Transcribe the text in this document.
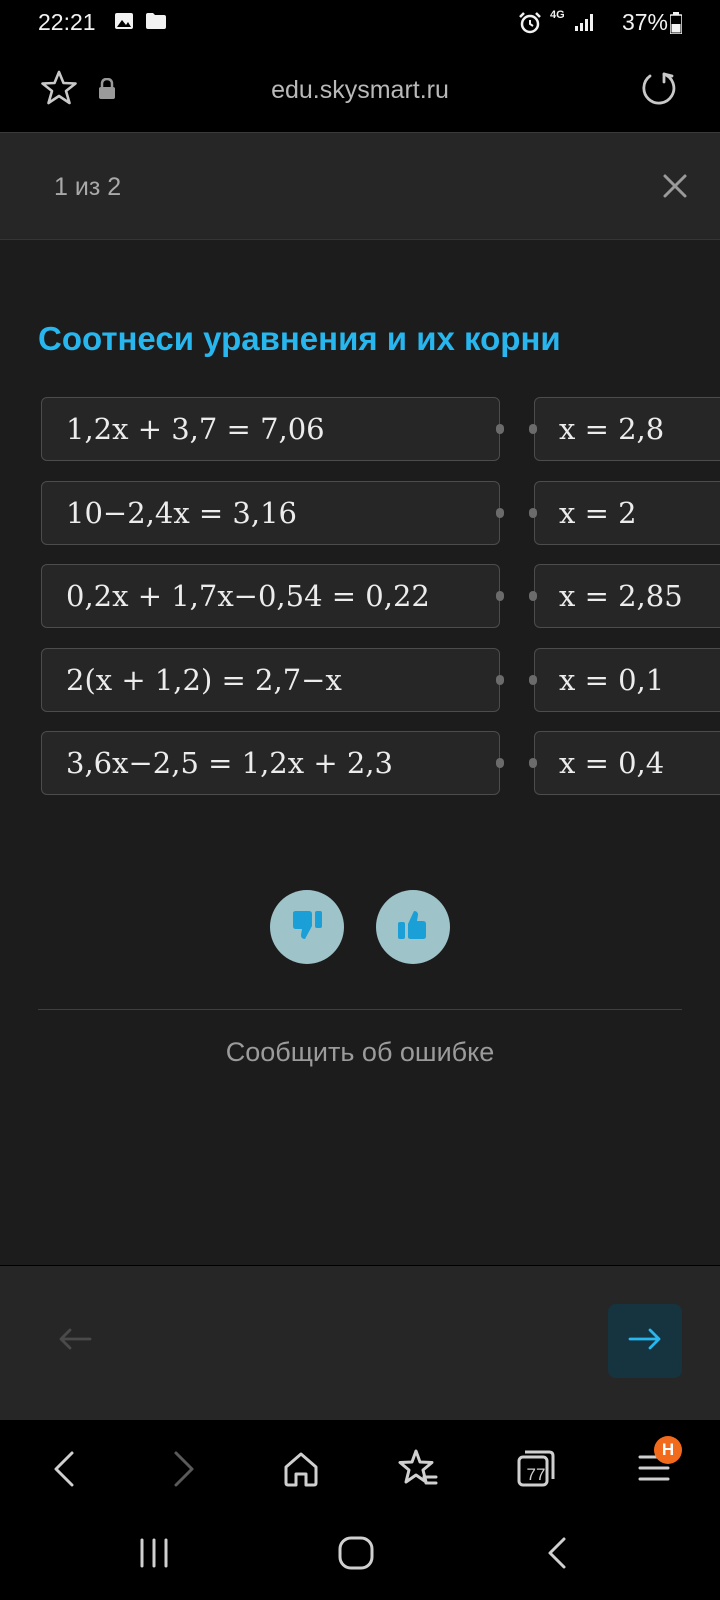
22:21	4G 37%
edu.skysmart.ru
1 из 2
Соотнеси уравнения и их корни
1,2x + 3,7 = 7,06
10−2,4x = 3,16
0,2x + 1,7x−0,54 = 0,22
2(x + 1,2) = 2,7−x
3,6x−2,5 = 1,2x + 2,3
x = 2,8
x = 2
x = 2,85
x = 0,1
x = 0,4
Сообщить об ошибке
77
Н
